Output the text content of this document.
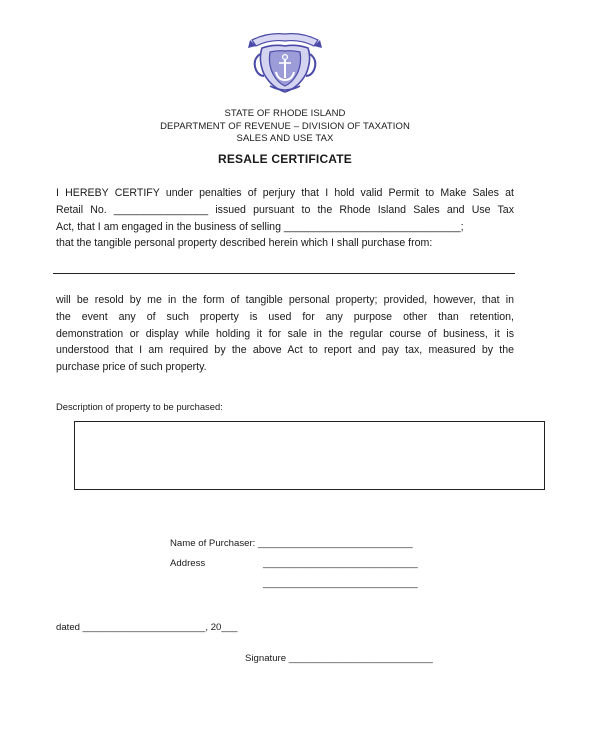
STATE OF RHODE ISLAND
DEPARTMENT OF REVENUE – DIVISION OF TAXATION
SALES AND USE TAX
RESALE CERTIFICATE

I HEREBY CERTIFY under penalties of perjury that I hold valid Permit to Make Sales at
Retail No. ________________ issued pursuant to the Rhode Island Sales and Use Tax
Act, that I am engaged in the business of selling ______________________________;
that the tangible personal property described herein which I shall purchase from:

will be resold by me in the form of tangible personal property; provided, however, that in
the event any of such property is used for any purpose other than retention,
demonstration or display while holding it for sale in the regular course of business, it is
understood that I am required by the above Act to report and pay tax, measured by the
purchase price of such property.

Description of property to be purchased:
Name of Purchaser: _____________________________
Address	_____________________________
_____________________________
dated _______________________, 20___
Signature ___________________________
